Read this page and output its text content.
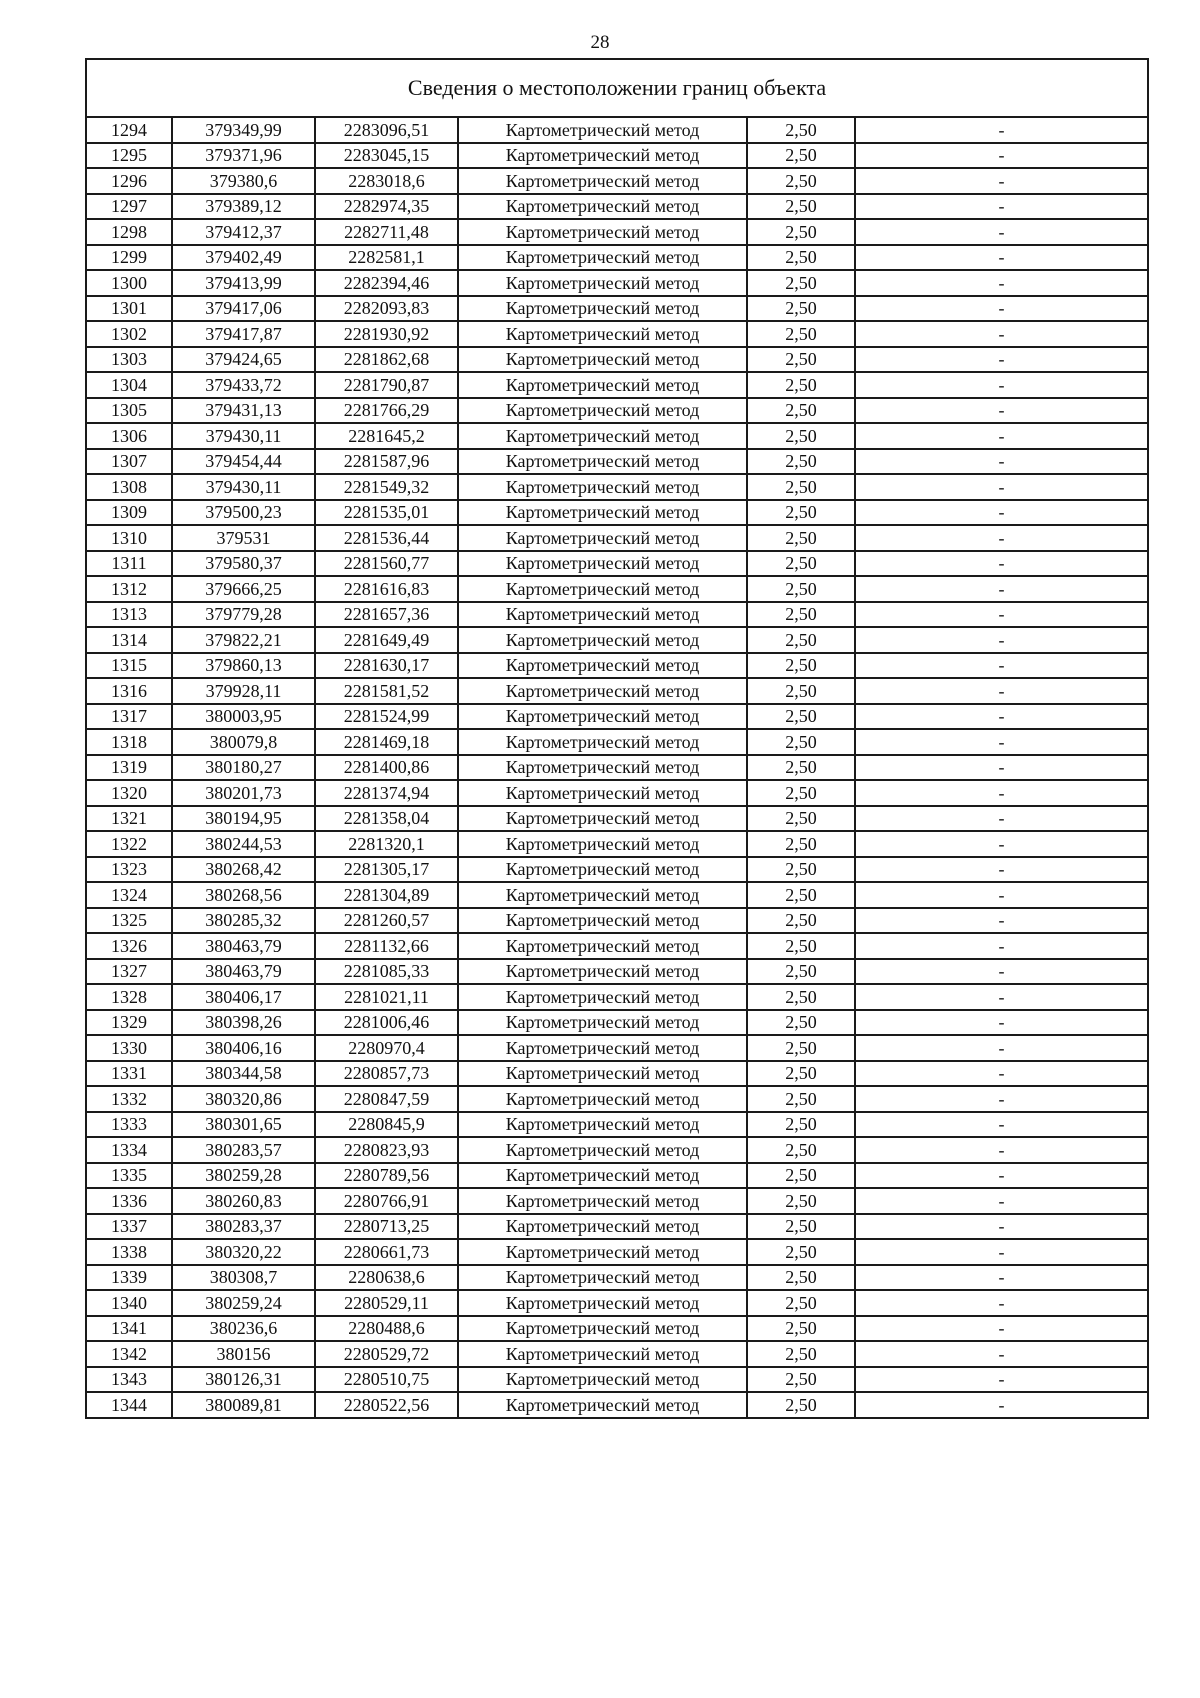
28
Сведения о местоположении границ объекта					
1294	379349,99	2283096,51	Картометрический метод	2,50	-
1295	379371,96	2283045,15	Картометрический метод	2,50	-
1296	379380,6	2283018,6	Картометрический метод	2,50	-
1297	379389,12	2282974,35	Картометрический метод	2,50	-
1298	379412,37	2282711,48	Картометрический метод	2,50	-
1299	379402,49	2282581,1	Картометрический метод	2,50	-
1300	379413,99	2282394,46	Картометрический метод	2,50	-
1301	379417,06	2282093,83	Картометрический метод	2,50	-
1302	379417,87	2281930,92	Картометрический метод	2,50	-
1303	379424,65	2281862,68	Картометрический метод	2,50	-
1304	379433,72	2281790,87	Картометрический метод	2,50	-
1305	379431,13	2281766,29	Картометрический метод	2,50	-
1306	379430,11	2281645,2	Картометрический метод	2,50	-
1307	379454,44	2281587,96	Картометрический метод	2,50	-
1308	379430,11	2281549,32	Картометрический метод	2,50	-
1309	379500,23	2281535,01	Картометрический метод	2,50	-
1310	379531	2281536,44	Картометрический метод	2,50	-
1311	379580,37	2281560,77	Картометрический метод	2,50	-
1312	379666,25	2281616,83	Картометрический метод	2,50	-
1313	379779,28	2281657,36	Картометрический метод	2,50	-
1314	379822,21	2281649,49	Картометрический метод	2,50	-
1315	379860,13	2281630,17	Картометрический метод	2,50	-
1316	379928,11	2281581,52	Картометрический метод	2,50	-
1317	380003,95	2281524,99	Картометрический метод	2,50	-
1318	380079,8	2281469,18	Картометрический метод	2,50	-
1319	380180,27	2281400,86	Картометрический метод	2,50	-
1320	380201,73	2281374,94	Картометрический метод	2,50	-
1321	380194,95	2281358,04	Картометрический метод	2,50	-
1322	380244,53	2281320,1	Картометрический метод	2,50	-
1323	380268,42	2281305,17	Картометрический метод	2,50	-
1324	380268,56	2281304,89	Картометрический метод	2,50	-
1325	380285,32	2281260,57	Картометрический метод	2,50	-
1326	380463,79	2281132,66	Картометрический метод	2,50	-
1327	380463,79	2281085,33	Картометрический метод	2,50	-
1328	380406,17	2281021,11	Картометрический метод	2,50	-
1329	380398,26	2281006,46	Картометрический метод	2,50	-
1330	380406,16	2280970,4	Картометрический метод	2,50	-
1331	380344,58	2280857,73	Картометрический метод	2,50	-
1332	380320,86	2280847,59	Картометрический метод	2,50	-
1333	380301,65	2280845,9	Картометрический метод	2,50	-
1334	380283,57	2280823,93	Картометрический метод	2,50	-
1335	380259,28	2280789,56	Картометрический метод	2,50	-
1336	380260,83	2280766,91	Картометрический метод	2,50	-
1337	380283,37	2280713,25	Картометрический метод	2,50	-
1338	380320,22	2280661,73	Картометрический метод	2,50	-
1339	380308,7	2280638,6	Картометрический метод	2,50	-
1340	380259,24	2280529,11	Картометрический метод	2,50	-
1341	380236,6	2280488,6	Картометрический метод	2,50	-
1342	380156	2280529,72	Картометрический метод	2,50	-
1343	380126,31	2280510,75	Картометрический метод	2,50	-
1344	380089,81	2280522,56	Картометрический метод	2,50	-
